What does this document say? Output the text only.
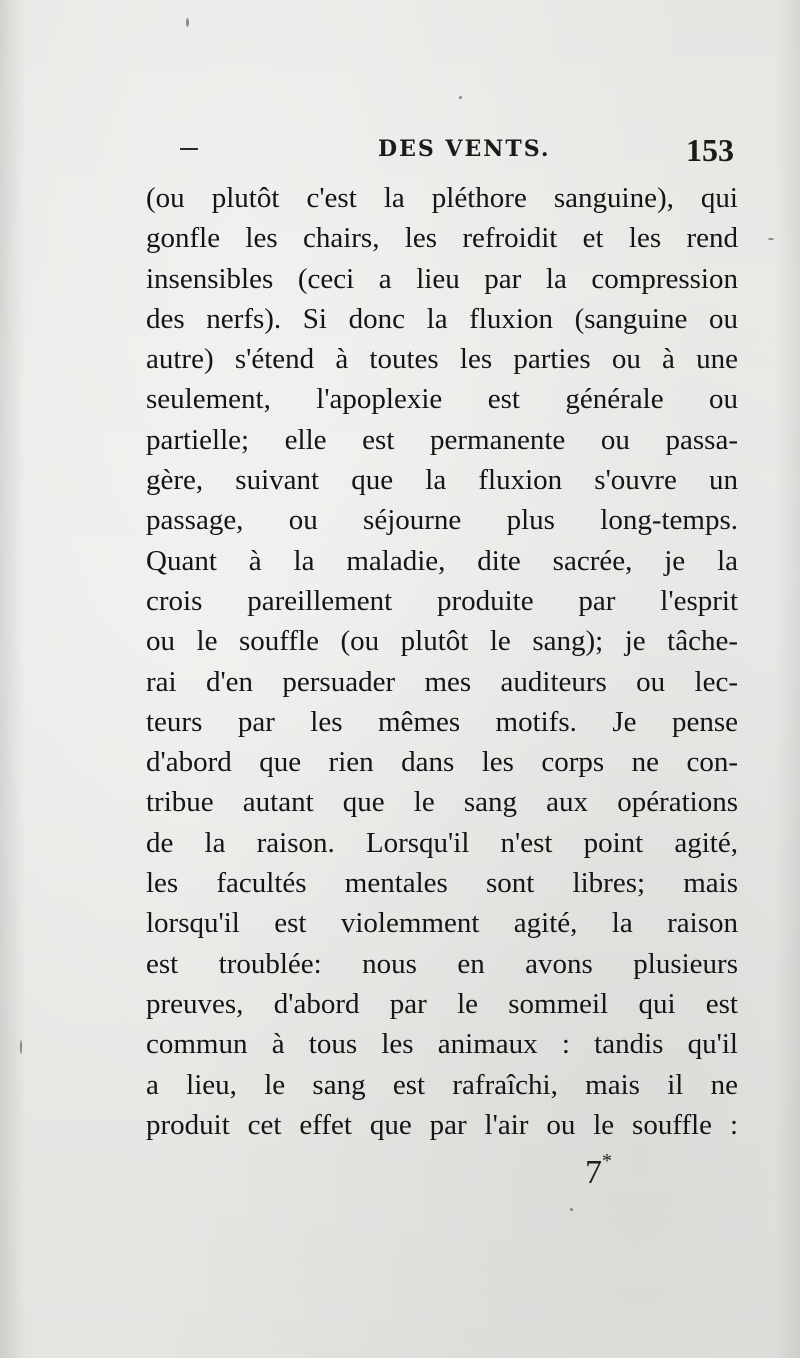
DES VENTS.	153
(ou plutôt c'est la pléthore sanguine), qui
gonfle les chairs, les refroidit et les rend
insensibles (ceci a lieu par la compression
des nerfs). Si donc la fluxion (sanguine ou
autre) s'étend à toutes les parties ou à une
seulement, l'apoplexie est générale ou
partielle; elle est permanente ou passa-
gère, suivant que la fluxion s'ouvre un
passage, ou séjourne plus long-temps.
Quant à la maladie, dite sacrée, je la
crois pareillement produite par l'esprit
ou le souffle (ou plutôt le sang); je tâche-
rai d'en persuader mes auditeurs ou lec-
teurs par les mêmes motifs. Je pense
d'abord que rien dans les corps ne con-
tribue autant que le sang aux opérations
de la raison. Lorsqu'il n'est point agité,
les facultés mentales sont libres; mais
lorsqu'il est violemment agité, la raison
est troublée: nous en avons plusieurs
preuves, d'abord par le sommeil qui est
commun à tous les animaux : tandis qu'il
a lieu, le sang est rafraîchi, mais il ne
produit cet effet que par l'air ou le souffle :
7*
